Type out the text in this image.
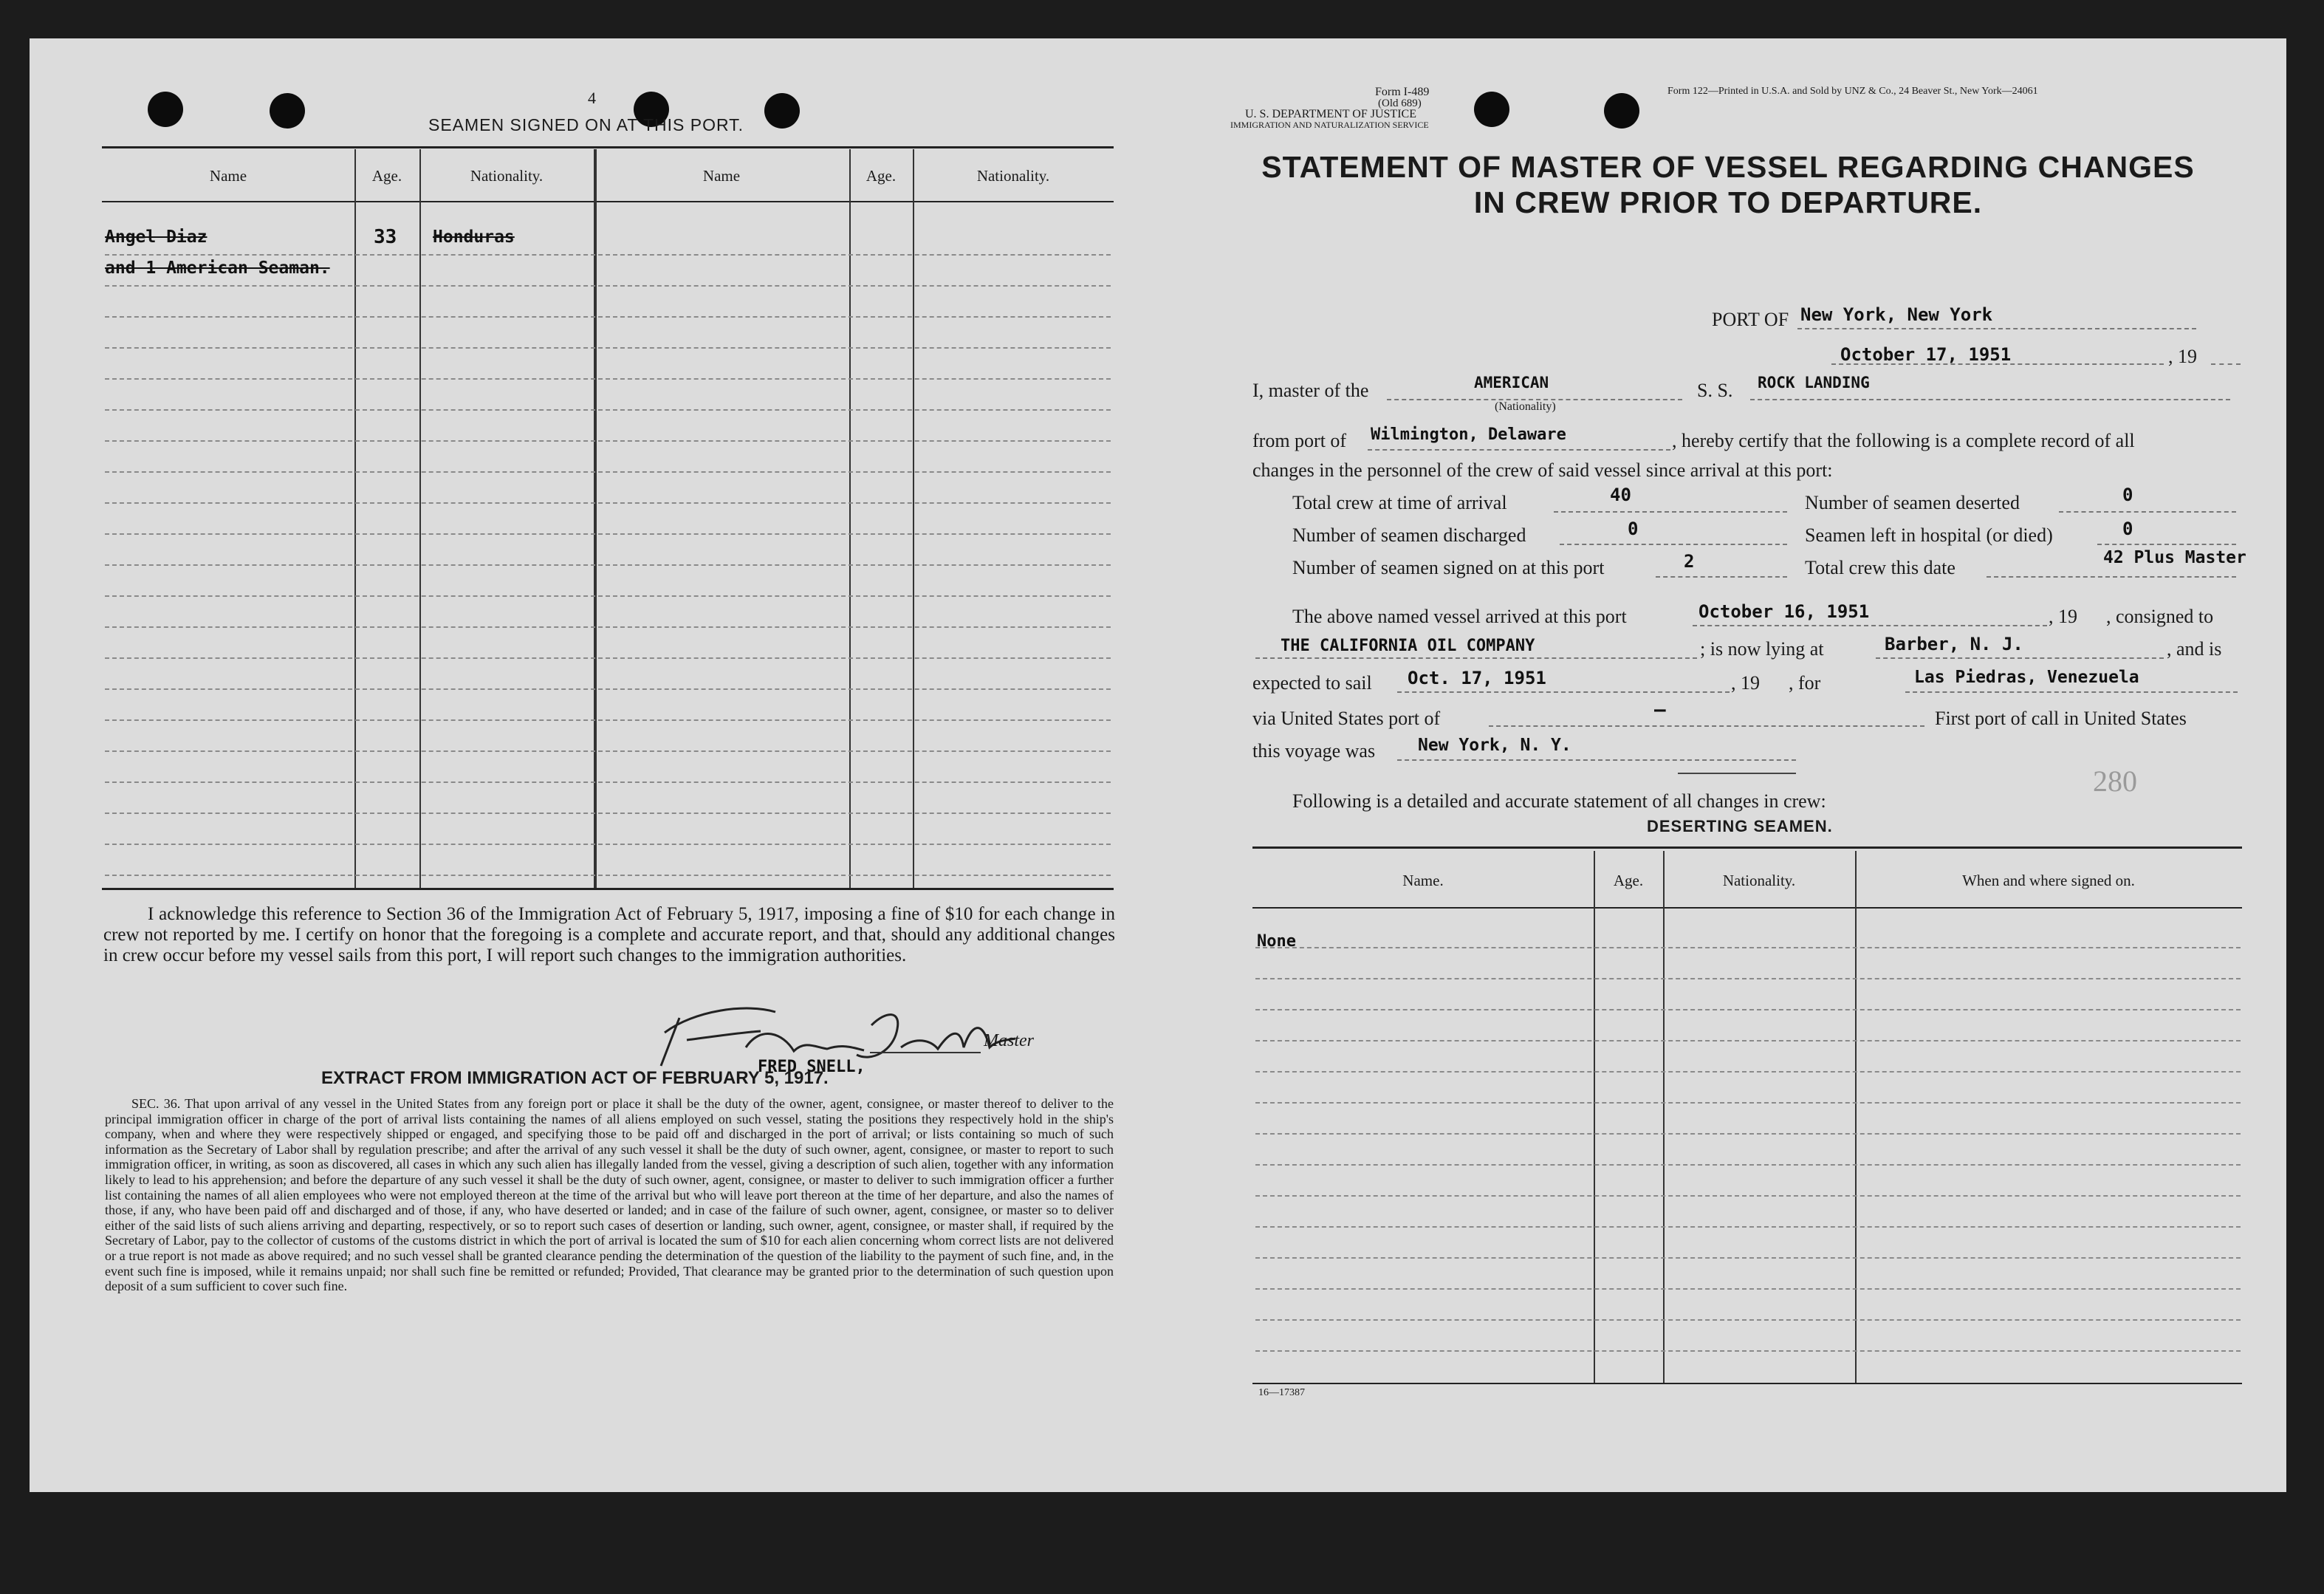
4
SEAMEN SIGNED ON AT THIS PORT.
Name	Age.	Nationality.	Name	Age.	Nationality.
Angel Diaz	33 Honduras
and 1 American Seaman.
I acknowledge this reference to Section 36 of the Immigration Act of February 5, 1917, imposing a fine of $10 for each change in crew not reported by me. I certify on honor that the foregoing is a complete and accurate report, and that, should any additional changes in crew occur before my vessel sails from this port, I will report such changes to the immigration authorities.
FRED SNELL,
Master
EXTRACT FROM IMMIGRATION ACT OF FEBRUARY 5, 1917.
SEC. 36. That upon arrival of any vessel in the United States from any foreign port or place it shall be the duty of the owner, agent, consignee, or master thereof to deliver to the principal immigration officer in charge of the port of arrival lists containing the names of all aliens employed on such vessel, stating the positions they respectively hold in the ship's company, when and where they were respectively shipped or engaged, and specifying those to be paid off and discharged in the port of arrival; or lists containing so much of such information as the Secretary of Labor shall by regulation prescribe; and after the arrival of any such vessel it shall be the duty of such owner, agent, consignee, or master to report to such immigration officer, in writing, as soon as discovered, all cases in which any such alien has illegally landed from the vessel, giving a description of such alien, together with any information likely to lead to his apprehension; and before the departure of any such vessel it shall be the duty of such owner, agent, consignee, or master to deliver to such immigration officer a further list containing the names of all alien employees who were not employed thereon at the time of the arrival but who will leave port thereon at the time of her departure, and also the names of those, if any, who have been paid off and discharged and of those, if any, who have deserted or landed; and in case of the failure of such owner, agent, consignee, or master so to deliver either of the said lists of such aliens arriving and departing, respectively, or so to report such cases of desertion or landing, such owner, agent, consignee, or master shall, if required by the Secretary of Labor, pay to the collector of customs of the customs district in which the port of arrival is located the sum of $10 for each alien concerning whom correct lists are not delivered or a true report is not made as above required; and no such vessel shall be granted clearance pending the determination of the question of the liability to the payment of such fine, and, in the event such fine is imposed, while it remains unpaid; nor shall such fine be remitted or refunded; Provided, That clearance may be granted prior to the determination of such question upon deposit of a sum sufficient to cover such fine.
Form I-489
(Old 689)
U. S. DEPARTMENT OF JUSTICE
IMMIGRATION AND NATURALIZATION SERVICE
Form 122—Printed in U.S.A. and Sold by UNZ & Co., 24 Beaver St., New York—24061
STATEMENT OF MASTER OF VESSEL REGARDING CHANGES
IN CREW PRIOR TO DEPARTURE.
PORT OF New York, New York
October 17, 1951	, 19
I, master of the	AMERICAN
(Nationality)
S. S. ROCK LANDING
from port of Wilmington, Delaware	, hereby certify that the following is a complete record of all
changes in the personnel of the crew of said vessel since arrival at this port:
Total crew at time of arrival	40	Number of seamen deserted	0
Number of seamen discharged	0	Seamen left in hospital (or died)	0
Number of seamen signed on at this port	2	Total crew this date	42 Plus Master
The above named vessel arrived at this port	October 16, 1951	, 19      , consigned to
THE CALIFORNIA OIL COMPANY	; is now lying at	Barber, N. J.	, and is
expected to sail Oct. 17, 1951	, 19      , for	Las Piedras, Venezuela
via United States port of	—	First port of call in United States
this voyage was	New York, N. Y.
280
Following is a detailed and accurate statement of all changes in crew:
DESERTING SEAMEN.
Name.	Age.	Nationality.	When and where signed on.
None
16—17387
